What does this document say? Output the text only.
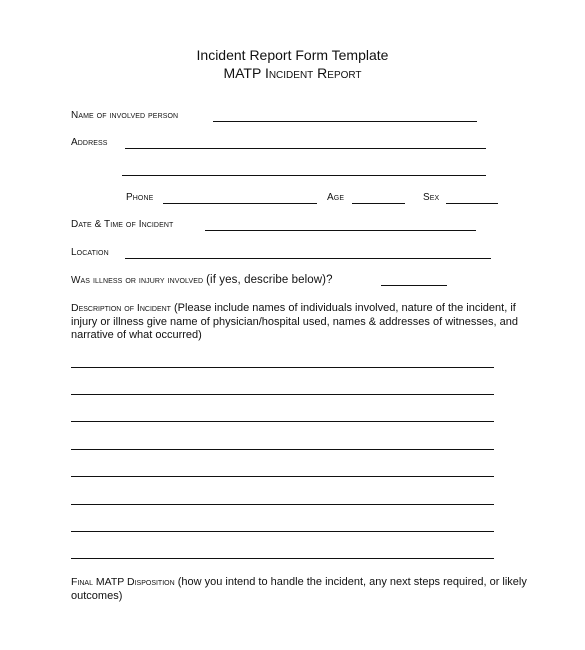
Incident Report Form Template
MATP Incident Report
Name of involved person
Address
Phone	Age	Sex
Date & Time of Incident
Location
Was illness or injury involved (if yes, describe below)?
Description of Incident (Please include names of individuals involved, nature of the incident, if injury or illness give name of physician/hospital used, names & addresses of witnesses, and narrative of what occurred)
Final MATP Disposition (how you intend to handle the incident, any next steps required, or likely outcomes)
